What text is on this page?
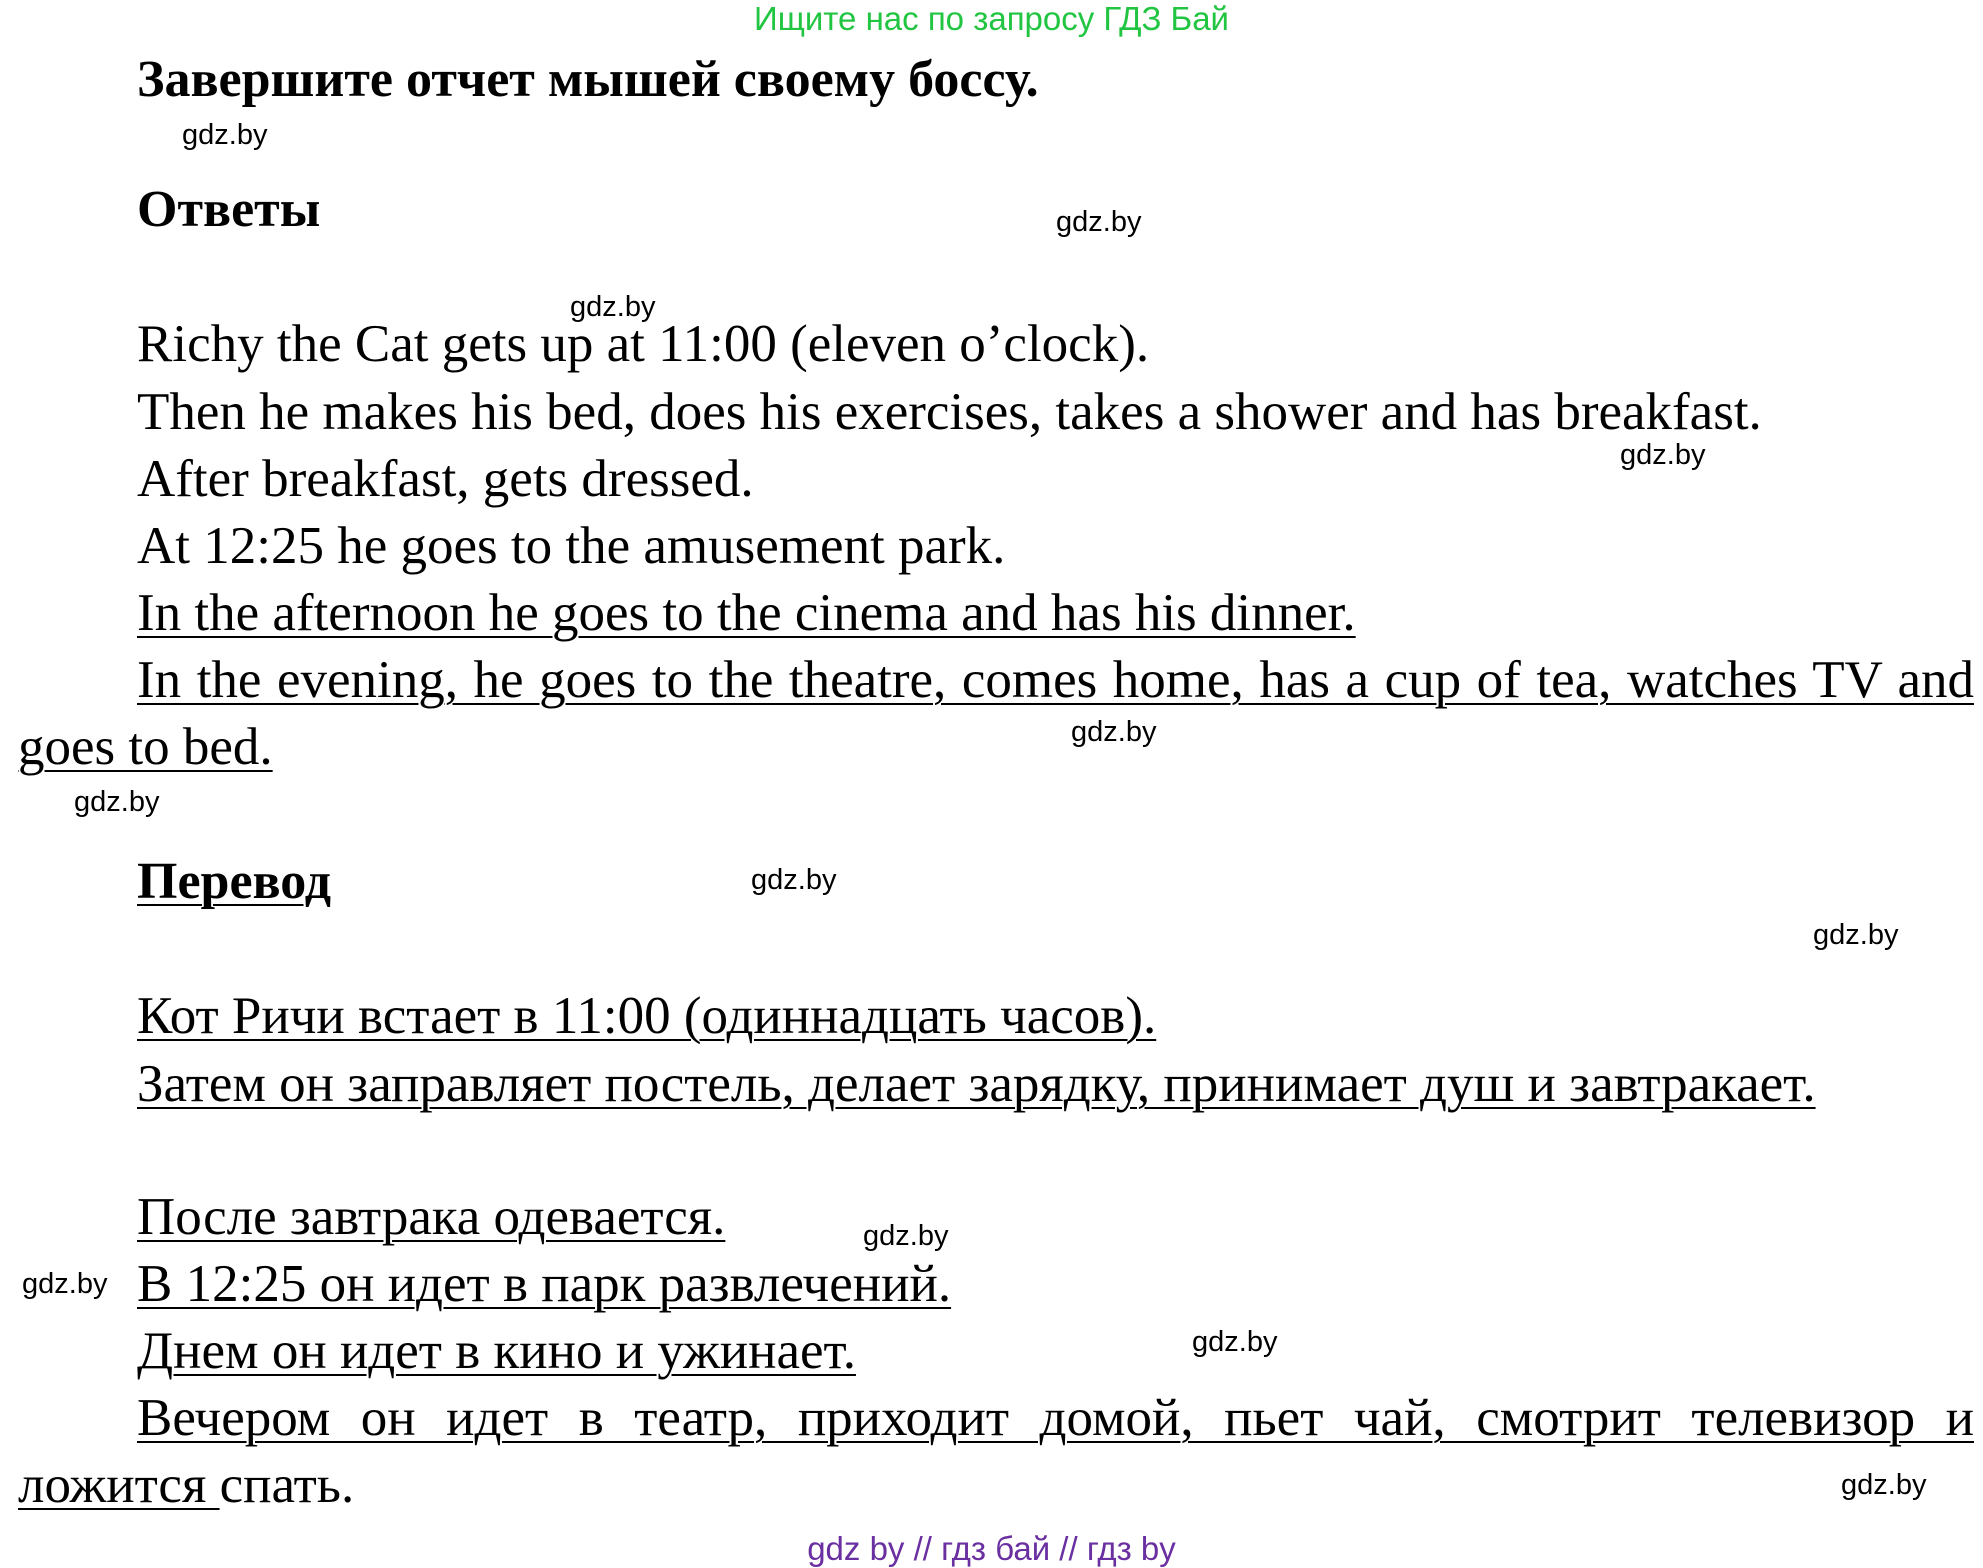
Ищите нас по запросу ГДЗ Бай
Завершите отчет мышей своему боссу.
Ответы
Richy the Cat gets up at 11:00 (eleven o’clock).
Then he makes his bed, does his exercises, takes a shower and has breakfast.
After breakfast, gets dressed.
At 12:25 he goes to the amusement park.
In the afternoon he goes to the cinema and has his dinner.
In the evening, he goes to the theatre, comes home, has a cup of tea, watches TV and goes to bed.
Перевод
Кот Ричи встает в 11:00 (одиннадцать часов).
Затем он заправляет постель, делает зарядку, принимает душ и завтракает.
После завтрака одевается.
В 12:25 он идет в парк развлечений.
Днем он идет в кино и ужинает.
Вечером он идет в театр, приходит домой, пьет чай, смотрит телевизор и ложится спать.
gdz.by
gdz.by
gdz.by
gdz.by
gdz.by
gdz.by
gdz.by
gdz.by
gdz.by
gdz.by
gdz.by
gdz.by
gdz by // гдз бай // гдз by
